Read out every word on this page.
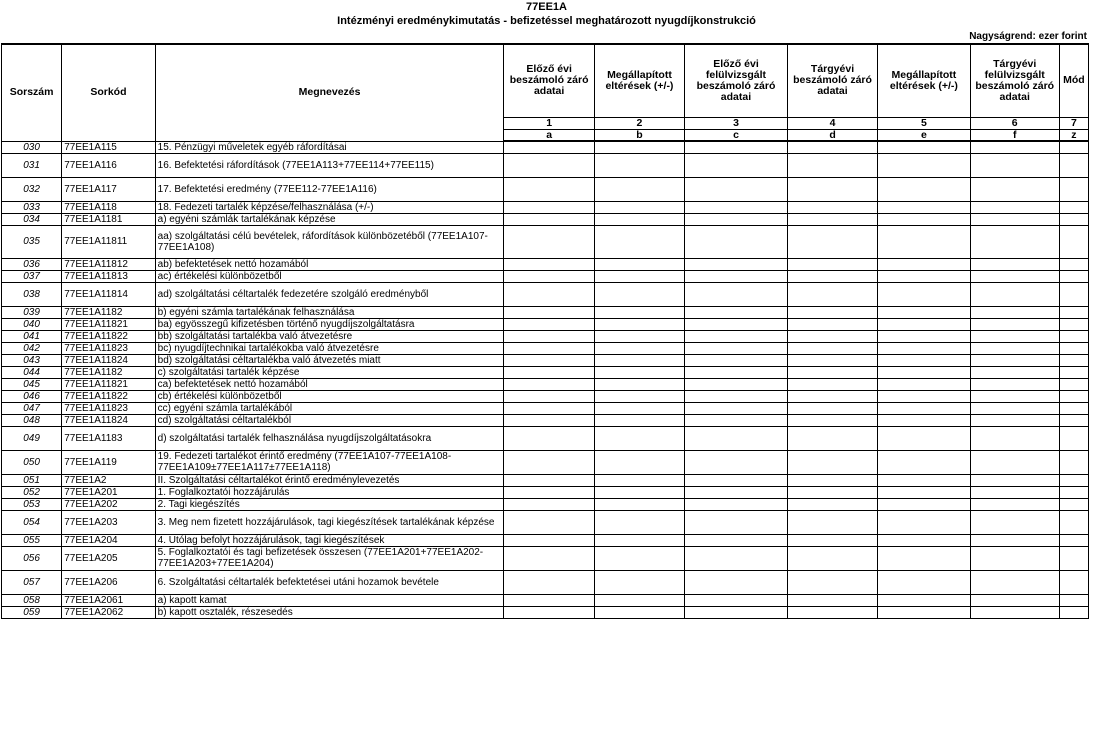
77EE1A
Intézményi eredménykimutatás - befizetéssel meghatározott nyugdíjkonstrukció
Nagyságrend: ezer forint
Sorszám	Sorkód	Megnevezés	Előző évi beszámoló záró adatai	Megállapított eltérések (+/-)	Előző évi felülvizsgált beszámoló záró adatai	Tárgyévi beszámoló záró adatai	Megállapított eltérések (+/-)	Tárgyévi felülvizsgált beszámoló záró adatai	Mód
			1	2	3	4	5	6	7
			a	b	c	d	e	f	z
030	77EE1A115	15. Pénzügyi műveletek egyéb ráfordításai							
031	77EE1A116	16. Befektetési ráfordítások (77EE1A113+77EE114+77EE115)							
032	77EE1A117	17. Befektetési eredmény (77EE112-77EE1A116)							
033	77EE1A118	18. Fedezeti tartalék képzése/felhasználása (+/-)							
034	77EE1A1181	a) egyéni számlák tartalékának képzése							
035	77EE1A11811	aa) szolgáltatási célú bevételek, ráfordítások különbözetéből (77EE1A107-77EE1A108)							
036	77EE1A11812	ab) befektetések nettó hozamából							
037	77EE1A11813	ac) értékelési különbözetből							
038	77EE1A11814	ad) szolgáltatási céltartalék fedezetére szolgáló eredményből							
039	77EE1A1182	b) egyéni számla tartalékának felhasználása							
040	77EE1A11821	ba) egyösszegű kifizetésben történő nyugdíjszolgáltatásra							
041	77EE1A11822	bb) szolgáltatási tartalékba való átvezetésre							
042	77EE1A11823	bc) nyugdíjtechnikai tartalékokba való átvezetésre							
043	77EE1A11824	bd) szolgáltatási céltartalékba való átvezetés miatt							
044	77EE1A1182	c) szolgáltatási tartalék képzése							
045	77EE1A11821	ca) befektetések nettó hozamából							
046	77EE1A11822	cb) értékelési különbözetből							
047	77EE1A11823	cc) egyéni számla tartalékából							
048	77EE1A11824	cd) szolgáltatási céltartalékból							
049	77EE1A1183	d) szolgáltatási tartalék felhasználása nyugdíjszolgáltatásokra							
050	77EE1A119	19. Fedezeti tartalékot érintő eredmény (77EE1A107-77EE1A108-77EE1A109±77EE1A117±77EE1A118)							
051	77EE1A2	II. Szolgáltatási céltartalékot érintő eredménylevezetés							
052	77EE1A201	1. Foglalkoztatói hozzájárulás							
053	77EE1A202	2. Tagi kiegészítés							
054	77EE1A203	3. Meg nem fizetett hozzájárulások, tagi kiegészítések tartalékának képzése							
055	77EE1A204	4. Utólag befolyt hozzájárulások, tagi kiegészítések							
056	77EE1A205	5. Foglalkoztatói és tagi befizetések összesen (77EE1A201+77EE1A202-77EE1A203+77EE1A204)							
057	77EE1A206	6. Szolgáltatási céltartalék befektetései utáni hozamok bevétele							
058	77EE1A2061	a) kapott kamat							
059	77EE1A2062	b) kapott osztalék, részesedés							
